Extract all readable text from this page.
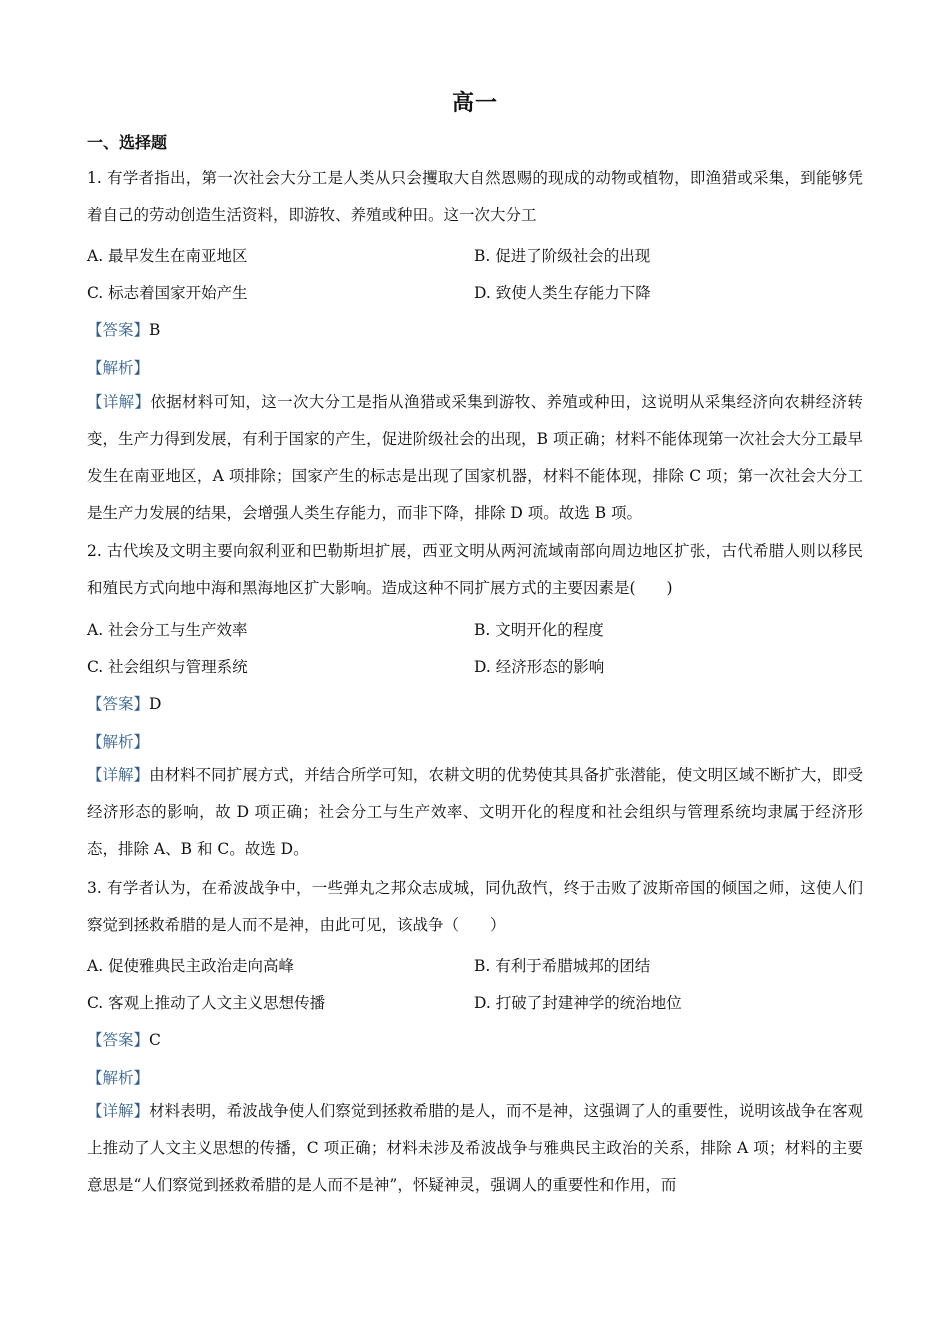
高一
一、选择题
1. 有学者指出，第一次社会大分工是人类从只会攫取大自然恩赐的现成的动物或植物，即渔猎或采集，到能够凭着自己的劳动创造生活资料，即游牧、养殖或种田。这一次大分工
A. 最早发生在南亚地区	B. 促进了阶级社会的出现
C. 标志着国家开始产生	D. 致使人类生存能力下降
【答案】B
【解析】
【详解】依据材料可知，这一次大分工是指从渔猎或采集到游牧、养殖或种田，这说明从采集经济向农耕经济转变，生产力得到发展，有利于国家的产生，促进阶级社会的出现，B 项正确；材料不能体现第一次社会大分工最早发生在南亚地区，A 项排除；国家产生的标志是出现了国家机器，材料不能体现，排除 C 项；第一次社会大分工是生产力发展的结果，会增强人类生存能力，而非下降，排除 D 项。故选 B 项。
2. 古代埃及文明主要向叙利亚和巴勒斯坦扩展，西亚文明从两河流域南部向周边地区扩张，古代希腊人则以移民和殖民方式向地中海和黑海地区扩大影响。造成这种不同扩展方式的主要因素是(　　)
A. 社会分工与生产效率	B. 文明开化的程度
C. 社会组织与管理系统	D. 经济形态的影响
【答案】D
【解析】
【详解】由材料不同扩展方式，并结合所学可知，农耕文明的优势使其具备扩张潜能，使文明区域不断扩大，即受经济形态的影响，故 D 项正确；社会分工与生产效率、文明开化的程度和社会组织与管理系统均隶属于经济形态，排除 A、B 和 C。故选 D。
3. 有学者认为，在希波战争中，一些弹丸之邦众志成城，同仇敌忾，终于击败了波斯帝国的倾国之师，这使人们察觉到拯救希腊的是人而不是神，由此可见，该战争（　　）
A. 促使雅典民主政治走向高峰	B. 有利于希腊城邦的团结
C. 客观上推动了人文主义思想传播	D. 打破了封建神学的统治地位
【答案】C
【解析】
【详解】材料表明，希波战争使人们察觉到拯救希腊的是人，而不是神，这强调了人的重要性，说明该战争在客观上推动了人文主义思想的传播，C 项正确；材料未涉及希波战争与雅典民主政治的关系，排除 A 项；材料的主要意思是“人们察觉到拯救希腊的是人而不是神”，怀疑神灵，强调人的重要性和作用，而
